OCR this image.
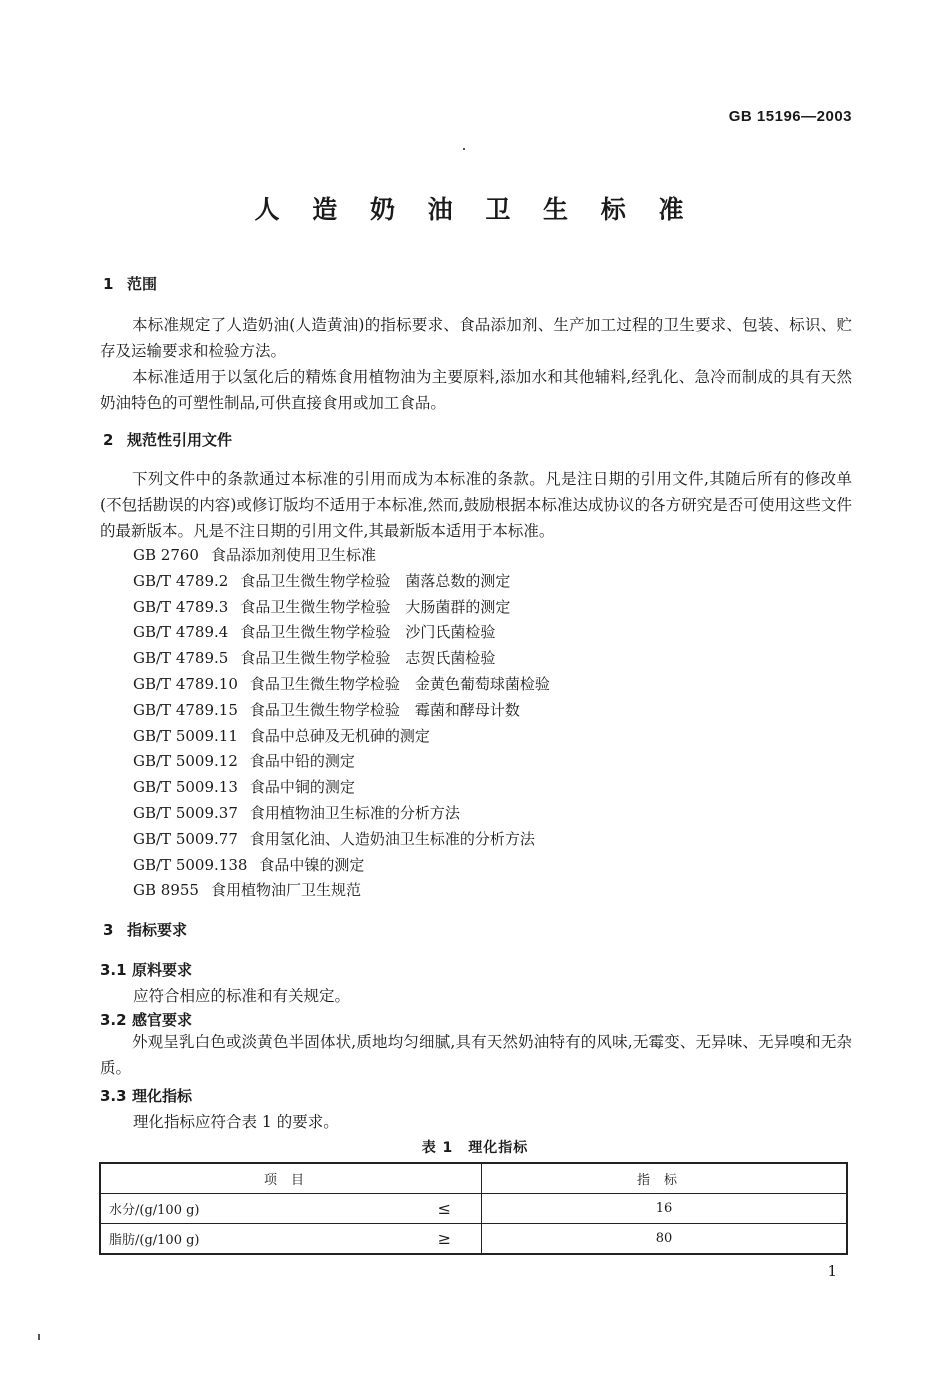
GB 15196—2003
人 造 奶 油 卫 生 标 准
1 范围
本标准规定了人造奶油(人造黄油)的指标要求、食品添加剂、生产加工过程的卫生要求、包装、标识、贮存及运输要求和检验方法。
本标准适用于以氢化后的精炼食用植物油为主要原料,添加水和其他辅料,经乳化、急冷而制成的具有天然奶油特色的可塑性制品,可供直接食用或加工食品。
2 规范性引用文件
下列文件中的条款通过本标准的引用而成为本标准的条款。凡是注日期的引用文件,其随后所有的修改单(不包括勘误的内容)或修订版均不适用于本标准,然而,鼓励根据本标准达成协议的各方研究是否可使用这些文件的最新版本。凡是不注日期的引用文件,其最新版本适用于本标准。
GB 2760 食品添加剂使用卫生标准
GB/T 4789.2 食品卫生微生物学检验　菌落总数的测定
GB/T 4789.3 食品卫生微生物学检验　大肠菌群的测定
GB/T 4789.4 食品卫生微生物学检验　沙门氏菌检验
GB/T 4789.5 食品卫生微生物学检验　志贺氏菌检验
GB/T 4789.10 食品卫生微生物学检验　金黄色葡萄球菌检验
GB/T 4789.15 食品卫生微生物学检验　霉菌和酵母计数
GB/T 5009.11 食品中总砷及无机砷的测定
GB/T 5009.12 食品中铅的测定
GB/T 5009.13 食品中铜的测定
GB/T 5009.37 食用植物油卫生标准的分析方法
GB/T 5009.77 食用氢化油、人造奶油卫生标准的分析方法
GB/T 5009.138 食品中镍的测定
GB 8955 食用植物油厂卫生规范
3 指标要求
3.1 原料要求
应符合相应的标准和有关规定。
3.2 感官要求
外观呈乳白色或淡黄色半固体状,质地均匀细腻,具有天然奶油特有的风味,无霉变、无异味、无异嗅和无杂质。
3.3 理化指标
理化指标应符合表 1 的要求。
表 1　理化指标
项目	指标
水分/(g/100 g) ≤	16
脂肪/(g/100 g) ≥	80
1
